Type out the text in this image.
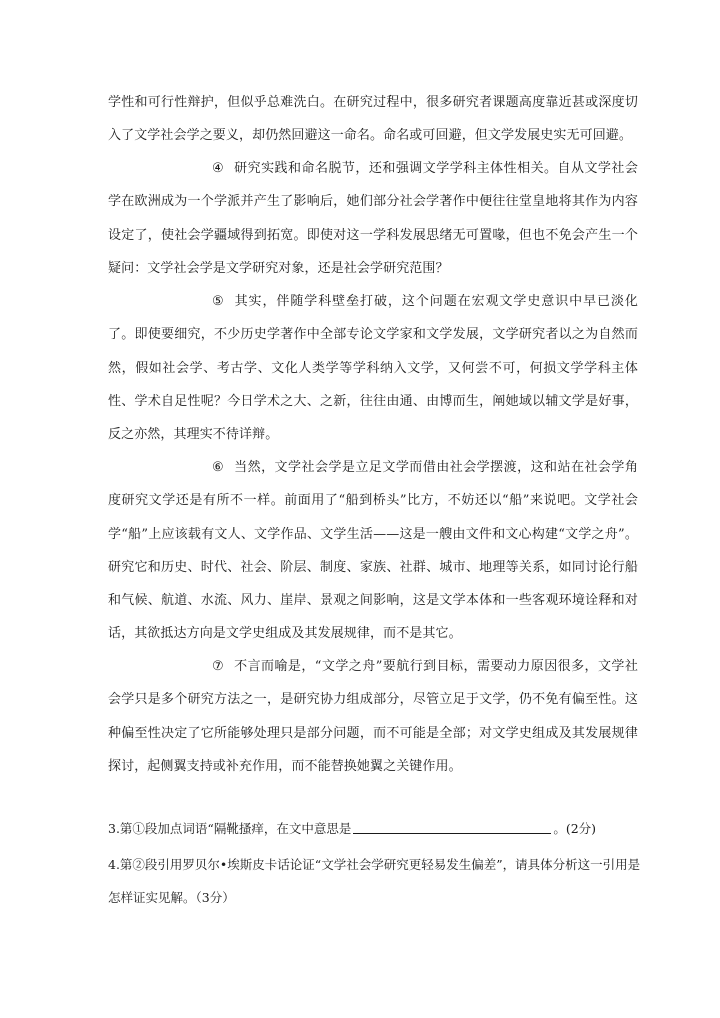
学性和可行性辩护，但似乎总难洗白。在研究过程中，很多研究者课题高度靠近甚或深度切入了文学社会学之要义，却仍然回避这一命名。命名或可回避，但文学发展史实无可回避。

④ 研究实践和命名脱节，还和强调文学学科主体性相关。自从文学社会学在欧洲成为一个学派并产生了影响后，她们部分社会学著作中便往往堂皇地将其作为内容设定了，使社会学疆域得到拓宽。即使对这一学科发展思绪无可置喙，但也不免会产生一个疑问：文学社会学是文学研究对象，还是社会学研究范围？

⑤ 其实，伴随学科壁垒打破，这个问题在宏观文学史意识中早已淡化了。即使要细究，不少历史学著作中全部专论文学家和文学发展，文学研究者以之为自然而然，假如社会学、考古学、文化人类学等学科纳入文学，又何尝不可，何损文学学科主体性、学术自足性呢？今日学术之大、之新，往往由通、由博而生，阐她域以辅文学是好事，反之亦然，其理实不待详辩。

⑥ 当然，文学社会学是立足文学而借由社会学摆渡，这和站在社会学角度研究文学还是有所不一样。前面用了“船到桥头”比方，不妨还以“船”来说吧。文学社会学“船”上应该载有文人、文学作品、文学生活——这是一艘由文件和文心构建“文学之舟”。研究它和历史、时代、社会、阶层、制度、家族、社群、城市、地理等关系，如同讨论行船和气候、航道、水流、风力、崖岸、景观之间影响，这是文学本体和一些客观环境诠释和对话，其欲抵达方向是文学史组成及其发展规律，而不是其它。

⑦ 不言而喻是，“文学之舟”要航行到目标，需要动力原因很多，文学社会学只是多个研究方法之一，是研究协力组成部分，尽管立足于文学，仍不免有偏至性。这种偏至性决定了它所能够处理只是部分问题，而不可能是全部；对文学史组成及其发展规律探讨，起侧翼支持或补充作用，而不能替换她翼之关键作用。

3.第①段加点词语“隔靴搔痒，在文中意思是	。(2分)

4.第②段引用罗贝尔•埃斯皮卡话论证“文学社会学研究更轻易发生偏差”，请具体分析这一引用是怎样证实见解。（3分）
